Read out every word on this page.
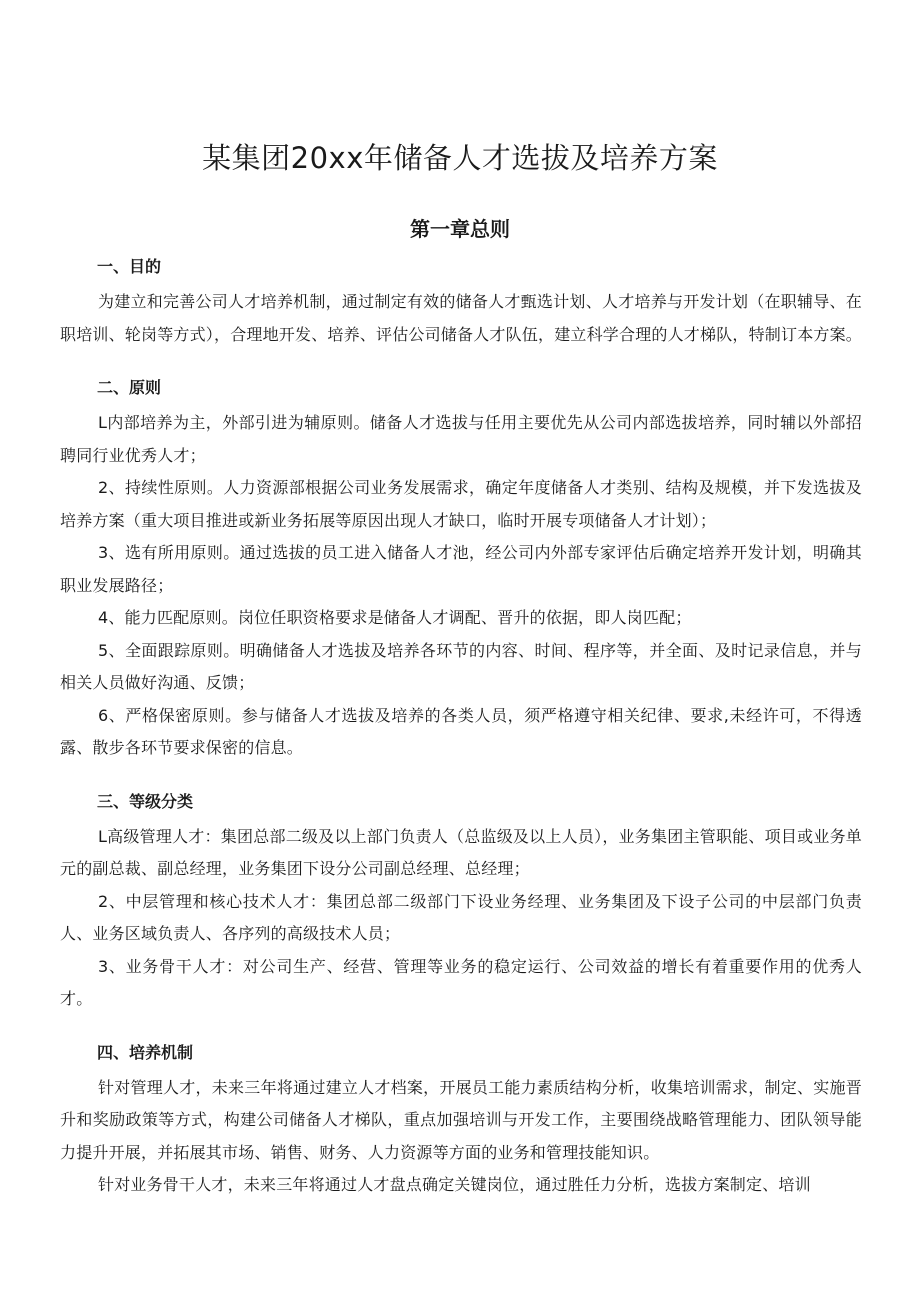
某集团20xx年储备人才选拔及培养方案
第一章总则

一、目的

为建立和完善公司人才培养机制，通过制定有效的储备人才甄选计划、人才培养与开发计划（在职辅导、在职培训、轮岗等方式），合理地开发、培养、评估公司储备人才队伍，建立科学合理的人才梯队，特制订本方案。

二、原则

L内部培养为主，外部引进为辅原则。储备人才选拔与任用主要优先从公司内部选拔培养，同时辅以外部招聘同行业优秀人才；

2、持续性原则。人力资源部根据公司业务发展需求，确定年度储备人才类别、结构及规模，并下发选拔及培养方案（重大项目推进或新业务拓展等原因出现人才缺口，临时开展专项储备人才计划）；

3、选有所用原则。通过选拔的员工进入储备人才池，经公司内外部专家评估后确定培养开发计划，明确其职业发展路径；

4、能力匹配原则。岗位任职资格要求是储备人才调配、晋升的依据，即人岗匹配；

5、全面跟踪原则。明确储备人才选拔及培养各环节的内容、时间、程序等，并全面、及时记录信息，并与相关人员做好沟通、反馈；

6、严格保密原则。参与储备人才选拔及培养的各类人员，须严格遵守相关纪律、要求,未经许可，不得透露、散步各环节要求保密的信息。

三、等级分类

L高级管理人才：集团总部二级及以上部门负责人（总监级及以上人员），业务集团主管职能、项目或业务单元的副总裁、副总经理，业务集团下设分公司副总经理、总经理；

2、中层管理和核心技术人才：集团总部二级部门下设业务经理、业务集团及下设子公司的中层部门负责人、业务区域负责人、各序列的高级技术人员；

3、业务骨干人才：对公司生产、经营、管理等业务的稳定运行、公司效益的增长有着重要作用的优秀人才。

四、培养机制

针对管理人才，未来三年将通过建立人才档案，开展员工能力素质结构分析，收集培训需求，制定、实施晋升和奖励政策等方式，构建公司储备人才梯队，重点加强培训与开发工作，主要围绕战略管理能力、团队领导能力提升开展，并拓展其市场、销售、财务、人力资源等方面的业务和管理技能知识。

针对业务骨干人才，未来三年将通过人才盘点确定关键岗位，通过胜任力分析，选拔方案制定、培训
